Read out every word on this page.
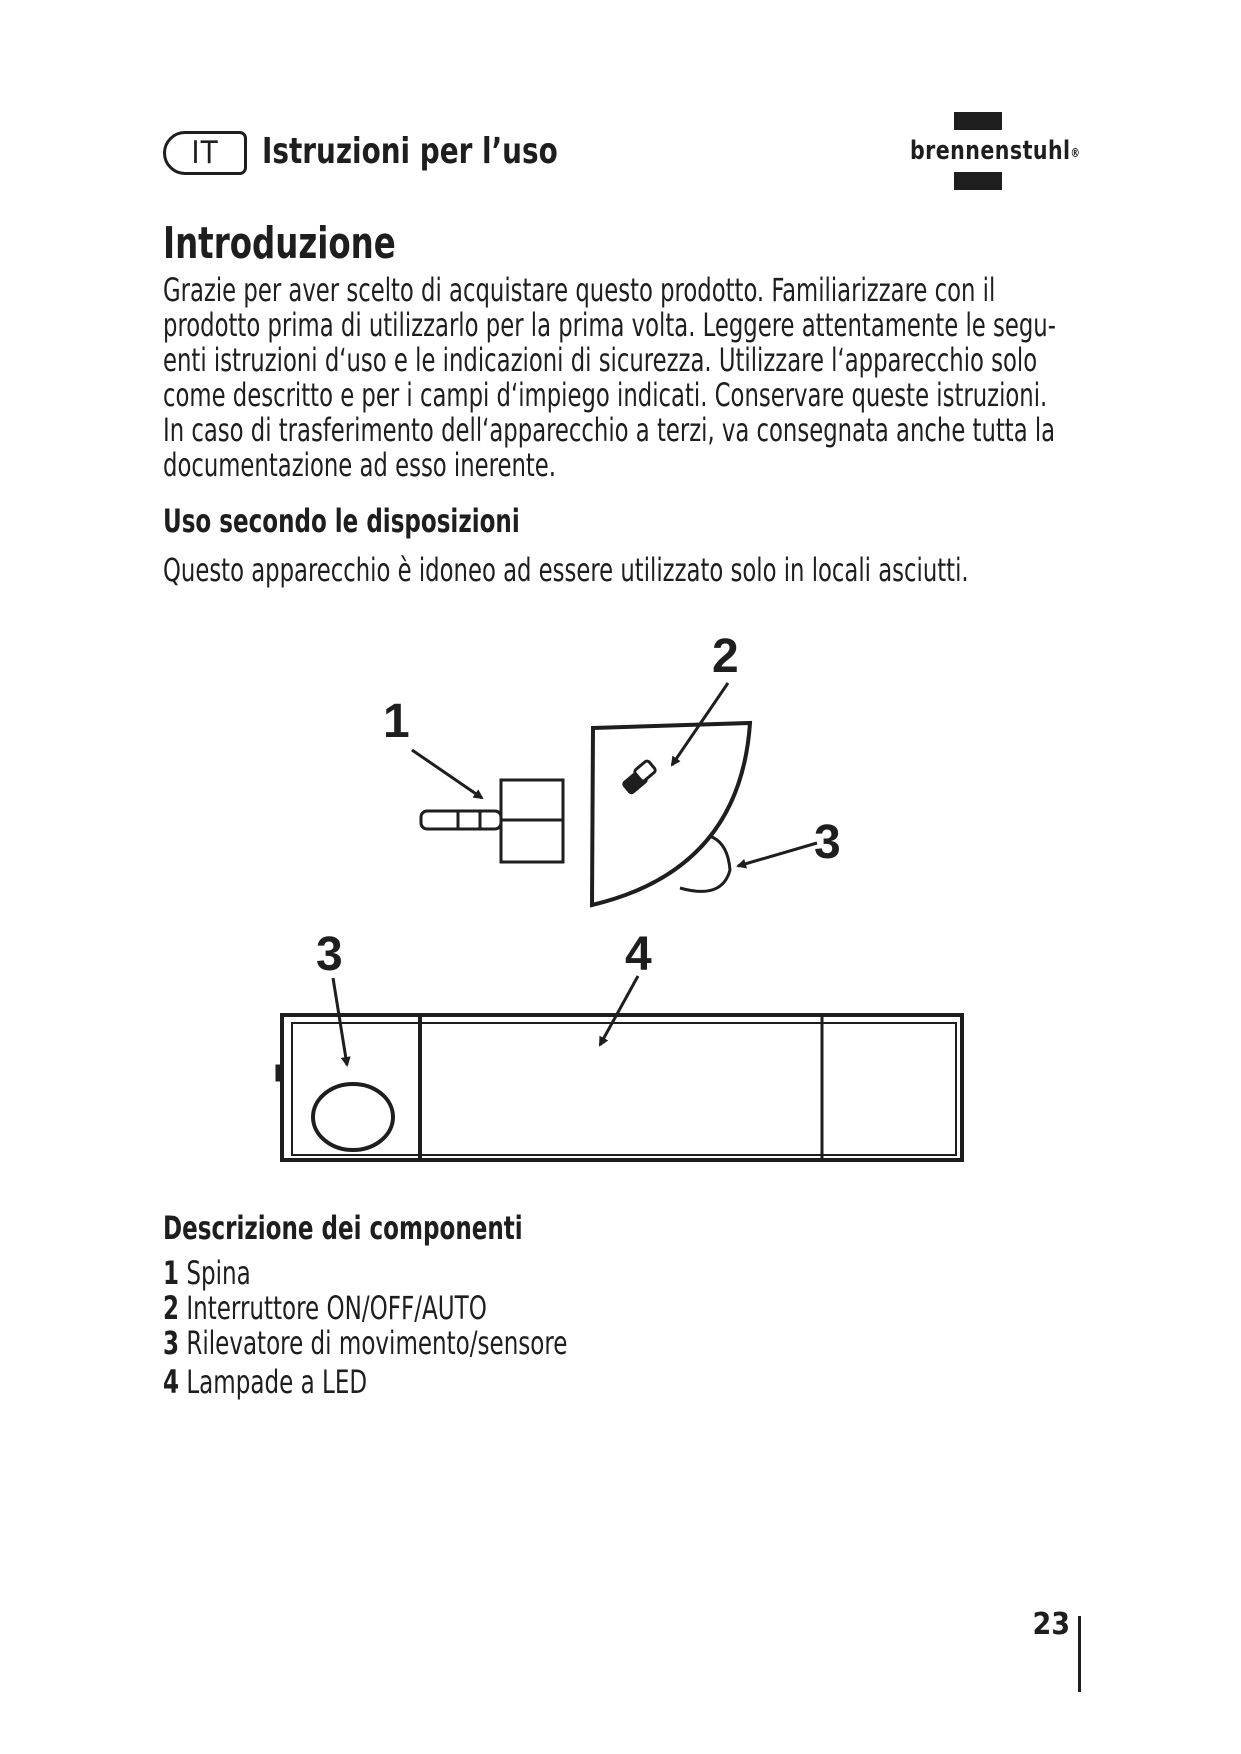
IT Istruzioni per l’uso	brennenstuhl®
Introduzione
Grazie per aver scelto di acquistare questo prodotto. Familiarizzare con il
prodotto prima di utilizzarlo per la prima volta. Leggere attentamente le segu-
enti istruzioni d‘uso e le indicazioni di sicurezza. Utilizzare l‘apparecchio solo
come descritto e per i campi d‘impiego indicati. Conservare queste istruzioni.
In caso di trasferimento dell‘apparecchio a terzi, va consegnata anche tutta la
documentazione ad esso inerente.
Uso secondo le disposizioni
Questo apparecchio è idoneo ad essere utilizzato solo in locali asciutti.
1
2
3
3	4
Descrizione dei componenti
1 Spina
2 Interruttore ON/OFF/AUTO
3 Rilevatore di movimento/sensore
4 Lampade a LED
23
